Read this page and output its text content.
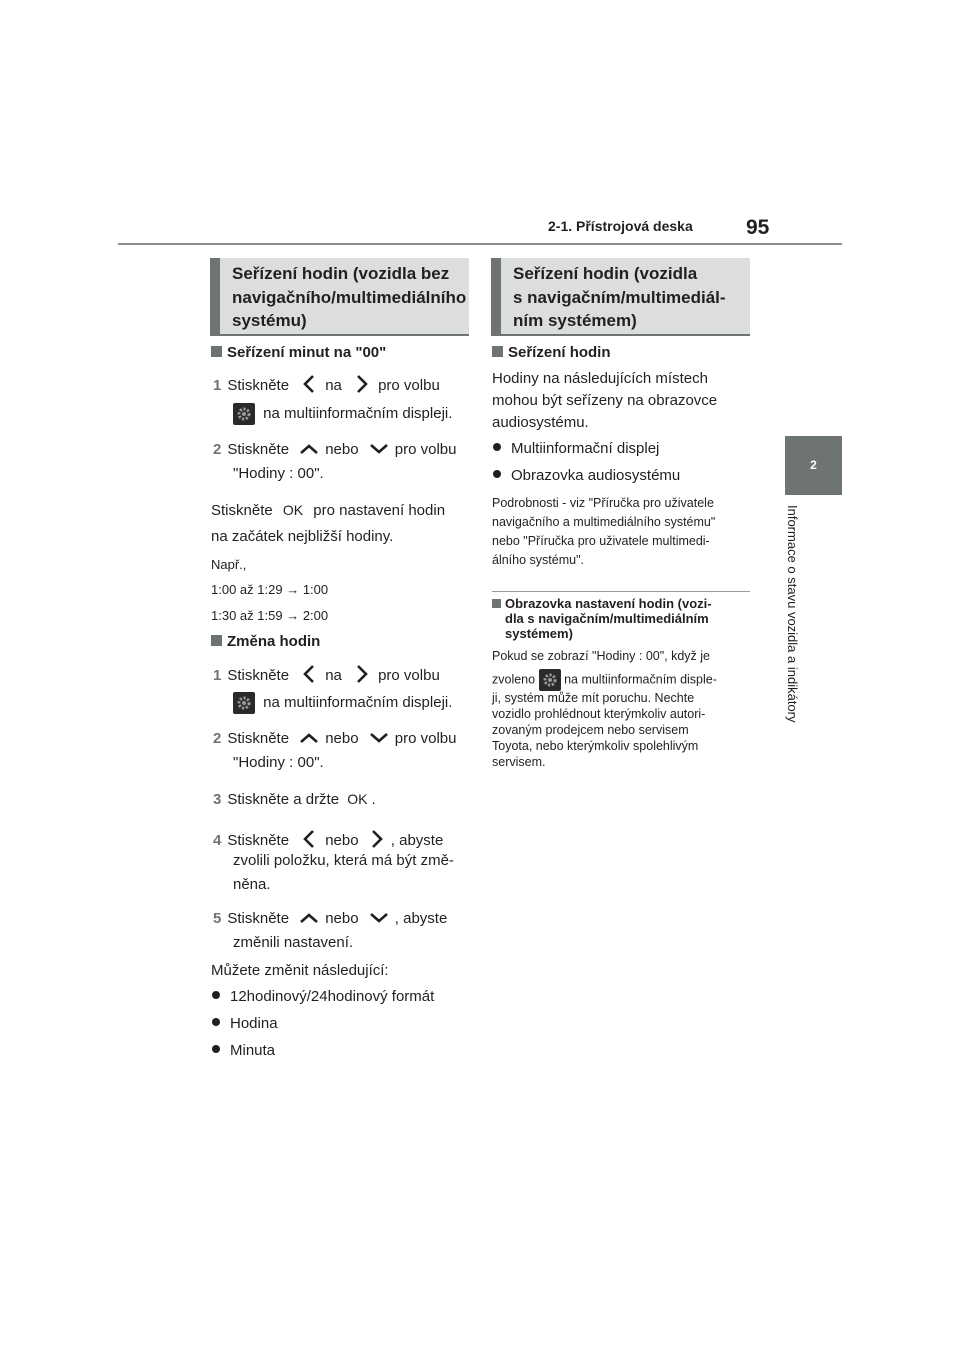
2-1. Přístrojová deska	95
2
Informace o stavu vozidla a indikátory
Seřízení hodin (vozidla bez
navigačního/multimediálního
systému)
Seřízení minut na "00"
1 Stiskněte na pro volbu
na multiinformačním displeji.
2 Stiskněte nebo pro volbu
"Hodiny : 00".
Stiskněte OK pro nastavení hodin
na začátek nejbližší hodiny.
Např.,
1:00 až 1:29 → 1:00
1:30 až 1:59 → 2:00
Změna hodin
1 Stiskněte na pro volbu
na multiinformačním displeji.
2 Stiskněte nebo pro volbu
"Hodiny : 00".
3 Stiskněte a držte OK .
4 Stiskněte nebo , abyste
zvolili položku, která má být změ-
něna.
5 Stiskněte nebo , abyste
změnili nastavení.
Můžete změnit následující:
12hodinový/24hodinový formát
Hodina
Minuta
Seřízení hodin (vozidla
s navigačním/multimediál-
ním systémem)
Seřízení hodin
Hodiny na následujících místech
mohou být seřízeny na obrazovce
audiosystému.
Multiinformační displej
Obrazovka audiosystému
Podrobnosti - viz "Příručka pro uživatele
navigačního a multimediálního systému"
nebo "Příručka pro uživatele multimedi-
álního systému".
Obrazovka nastavení hodin (vozi-
dla s navigačním/multimediálním
systémem)
Pokud se zobrazí "Hodiny : 00", když je
zvoleno na multiinformačním disple-
ji, systém může mít poruchu. Nechte
vozidlo prohlédnout kterýmkoliv autori-
zovaným prodejcem nebo servisem
Toyota, nebo kterýmkoliv spolehlivým
servisem.
